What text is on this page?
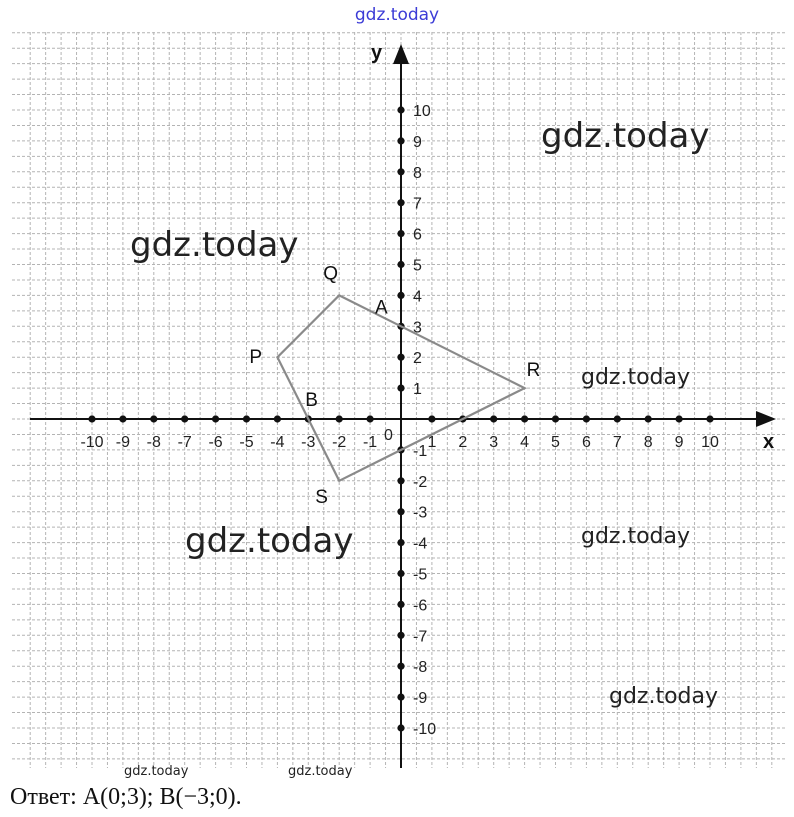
gdz.today
gdz.today
gdz.today
gdz.today
gdz.today
gdz.today
gdz.today
gdz.today	gdz.today
x
y
0
-10 -9 -8 -7 -6 -5 -4 -3 -2 -1	1 2 3 4 5 6 7 8 9 10
10
9
8
7
6
5
4
3
2
1
-1
-2
-3
-4
-5
-6
-7
-8
-9
-10
Q
R
S
P
A
B
Ответ: A(0;3); B(−3;0).
